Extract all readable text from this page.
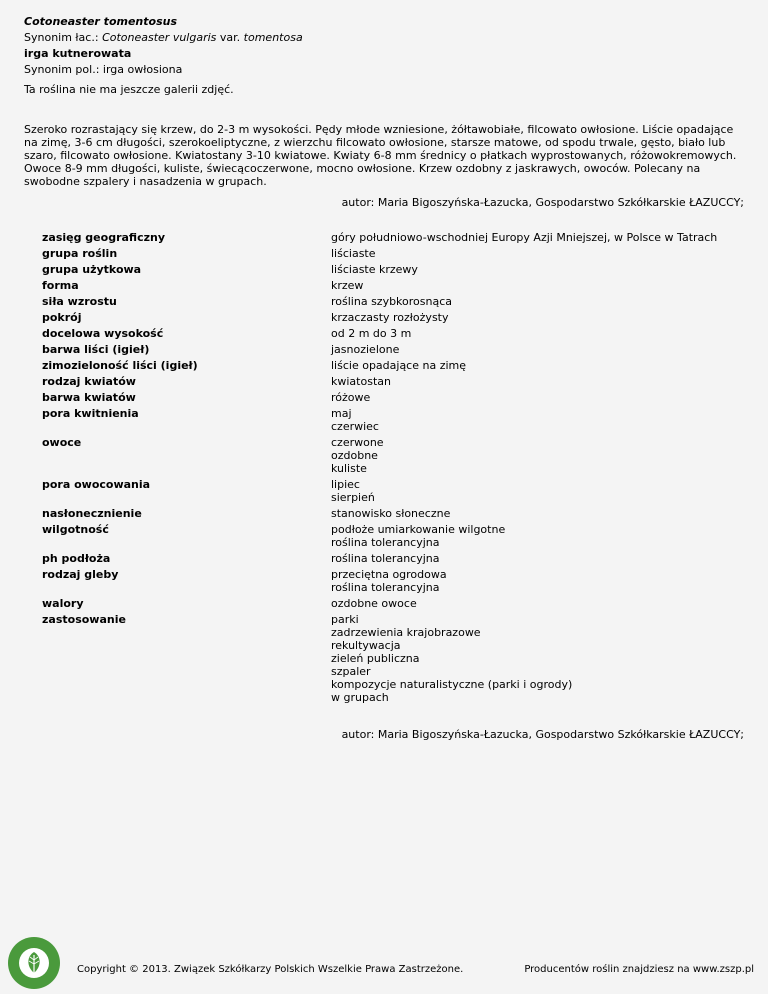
Cotoneaster tomentosus
Synonim łac.: Cotoneaster vulgaris var. tomentosa
irga kutnerowata
Synonim pol.: irga owłosiona
Ta roślina nie ma jeszcze galerii zdjęć.
Szeroko rozrastający się krzew, do 2-3 m wysokości. Pędy młode wzniesione, żółtawobiałe, filcowato owłosione. Liście opadające na zimę, 3-6 cm długości, szerokoeliptyczne, z wierzchu filcowato owłosione, starsze matowe, od spodu trwale, gęsto, biało lub szaro, filcowato owłosione. Kwiatostany 3-10 kwiatowe. Kwiaty 6-8 mm średnicy o płatkach wyprostowanych, różowokremowych. Owoce 8-9 mm długości, kuliste, świecącoczerwone, mocno owłosione. Krzew ozdobny z jaskrawych, owoców. Polecany na swobodne szpalery i nasadzenia w grupach.
autor: Maria Bigoszyńska-Łazucka, Gospodarstwo Szkółkarskie ŁAZUCCY;
zasięg geograficzny	góry południowo-wschodniej Europy Azji Mniejszej, w Polsce w Tatrach
grupa roślin	liściaste
grupa użytkowa	liściaste krzewy
forma	krzew
siła wzrostu	roślina szybkorosnąca
pokrój	krzaczasty rozłożysty
docelowa wysokość	od 2 m do 3 m
barwa liści (igieł)	jasnozielone
zimozieloność liści (igieł)	liście opadające na zimę
rodzaj kwiatów	kwiatostan
barwa kwiatów	różowe
pora kwitnienia	maj
czerwiec
owoce	czerwone
ozdobne
kuliste
pora owocowania	lipiec
sierpień
nasłonecznienie	stanowisko słoneczne
wilgotność	podłoże umiarkowanie wilgotne
roślina tolerancyjna
ph podłoża	roślina tolerancyjna
rodzaj gleby	przeciętna ogrodowa
roślina tolerancyjna
walory	ozdobne owoce
zastosowanie	parki
zadrzewienia krajobrazowe
rekultywacja
zieleń publiczna
szpaler
kompozycje naturalistyczne (parki i ogrody)
w grupach
autor: Maria Bigoszyńska-Łazucka, Gospodarstwo Szkółkarskie ŁAZUCCY;
Copyright © 2013. Związek Szkółkarzy Polskich Wszelkie Prawa Zastrzeżone.	Producentów roślin znajdziesz na www.zszp.pl
